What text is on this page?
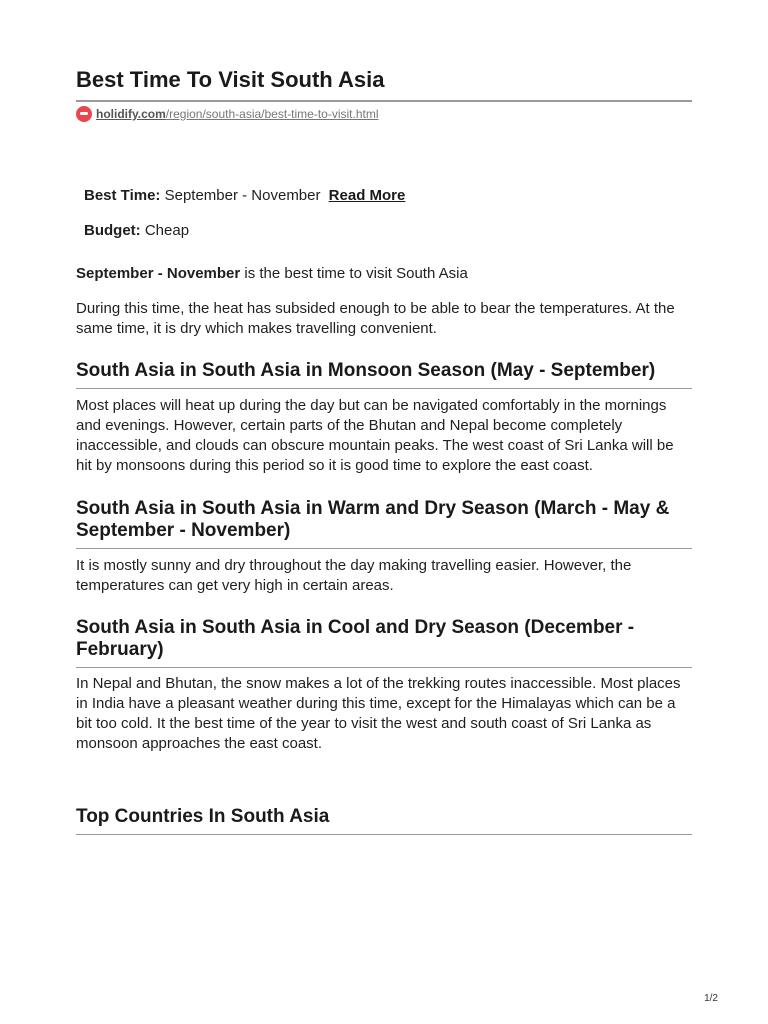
Best Time To Visit South Asia
holidify.com /region/south-asia/best-time-to-visit.html
Best Time: September - November Read More
Budget: Cheap

September - November is the best time to visit South Asia

During this time, the heat has subsided enough to be able to bear the temperatures. At the same time, it is dry which makes travelling convenient.

South Asia in South Asia in Monsoon Season (May - September)

Most places will heat up during the day but can be navigated comfortably in the mornings and evenings. However, certain parts of the Bhutan and Nepal become completely inaccessible, and clouds can obscure mountain peaks. The west coast of Sri Lanka will be hit by monsoons during this period so it is good time to explore the east coast.

South Asia in South Asia in Warm and Dry Season (March - May & September - November)

It is mostly sunny and dry throughout the day making travelling easier. However, the temperatures can get very high in certain areas.

South Asia in South Asia in Cool and Dry Season (December - February)

In Nepal and Bhutan, the snow makes a lot of the trekking routes inaccessible. Most places in India have a pleasant weather during this time, except for the Himalayas which can be a bit too cold. It the best time of the year to visit the west and south coast of Sri Lanka as monsoon approaches the east coast.

Top Countries In South Asia
1/2
